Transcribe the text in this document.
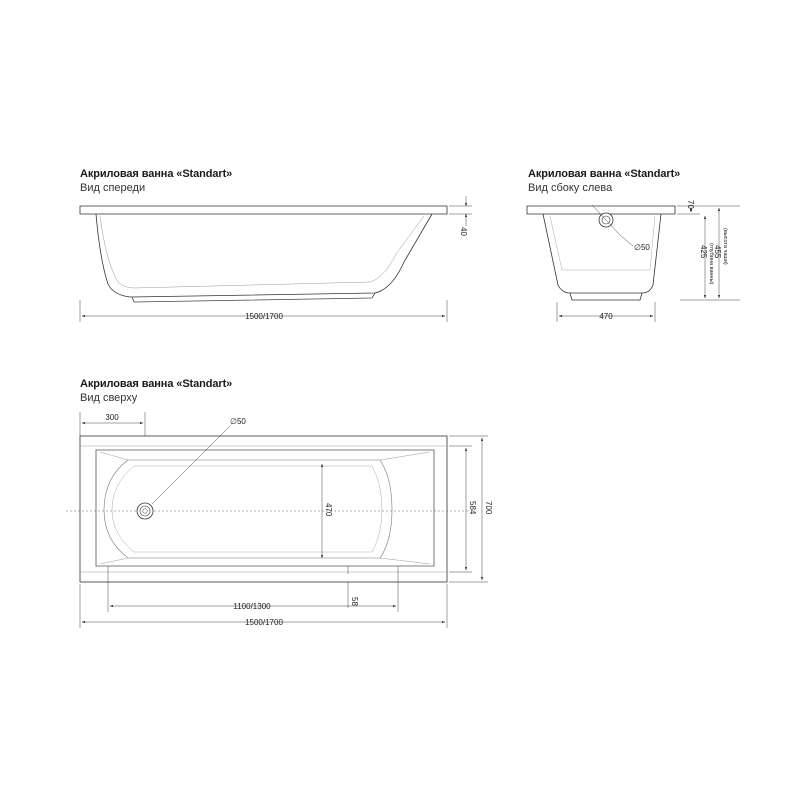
Акриловая ванна «Standart»
Вид спереди
Акриловая ванна «Standart»
Вид сбоку слева
Акриловая ванна «Standart»
Вид сверху
1500/1700
40
∅50
470
70
425 (глубина ванны) 455 (высота чаши)
∅50
300
470	584 700
58
1100/1300
1500/1700
